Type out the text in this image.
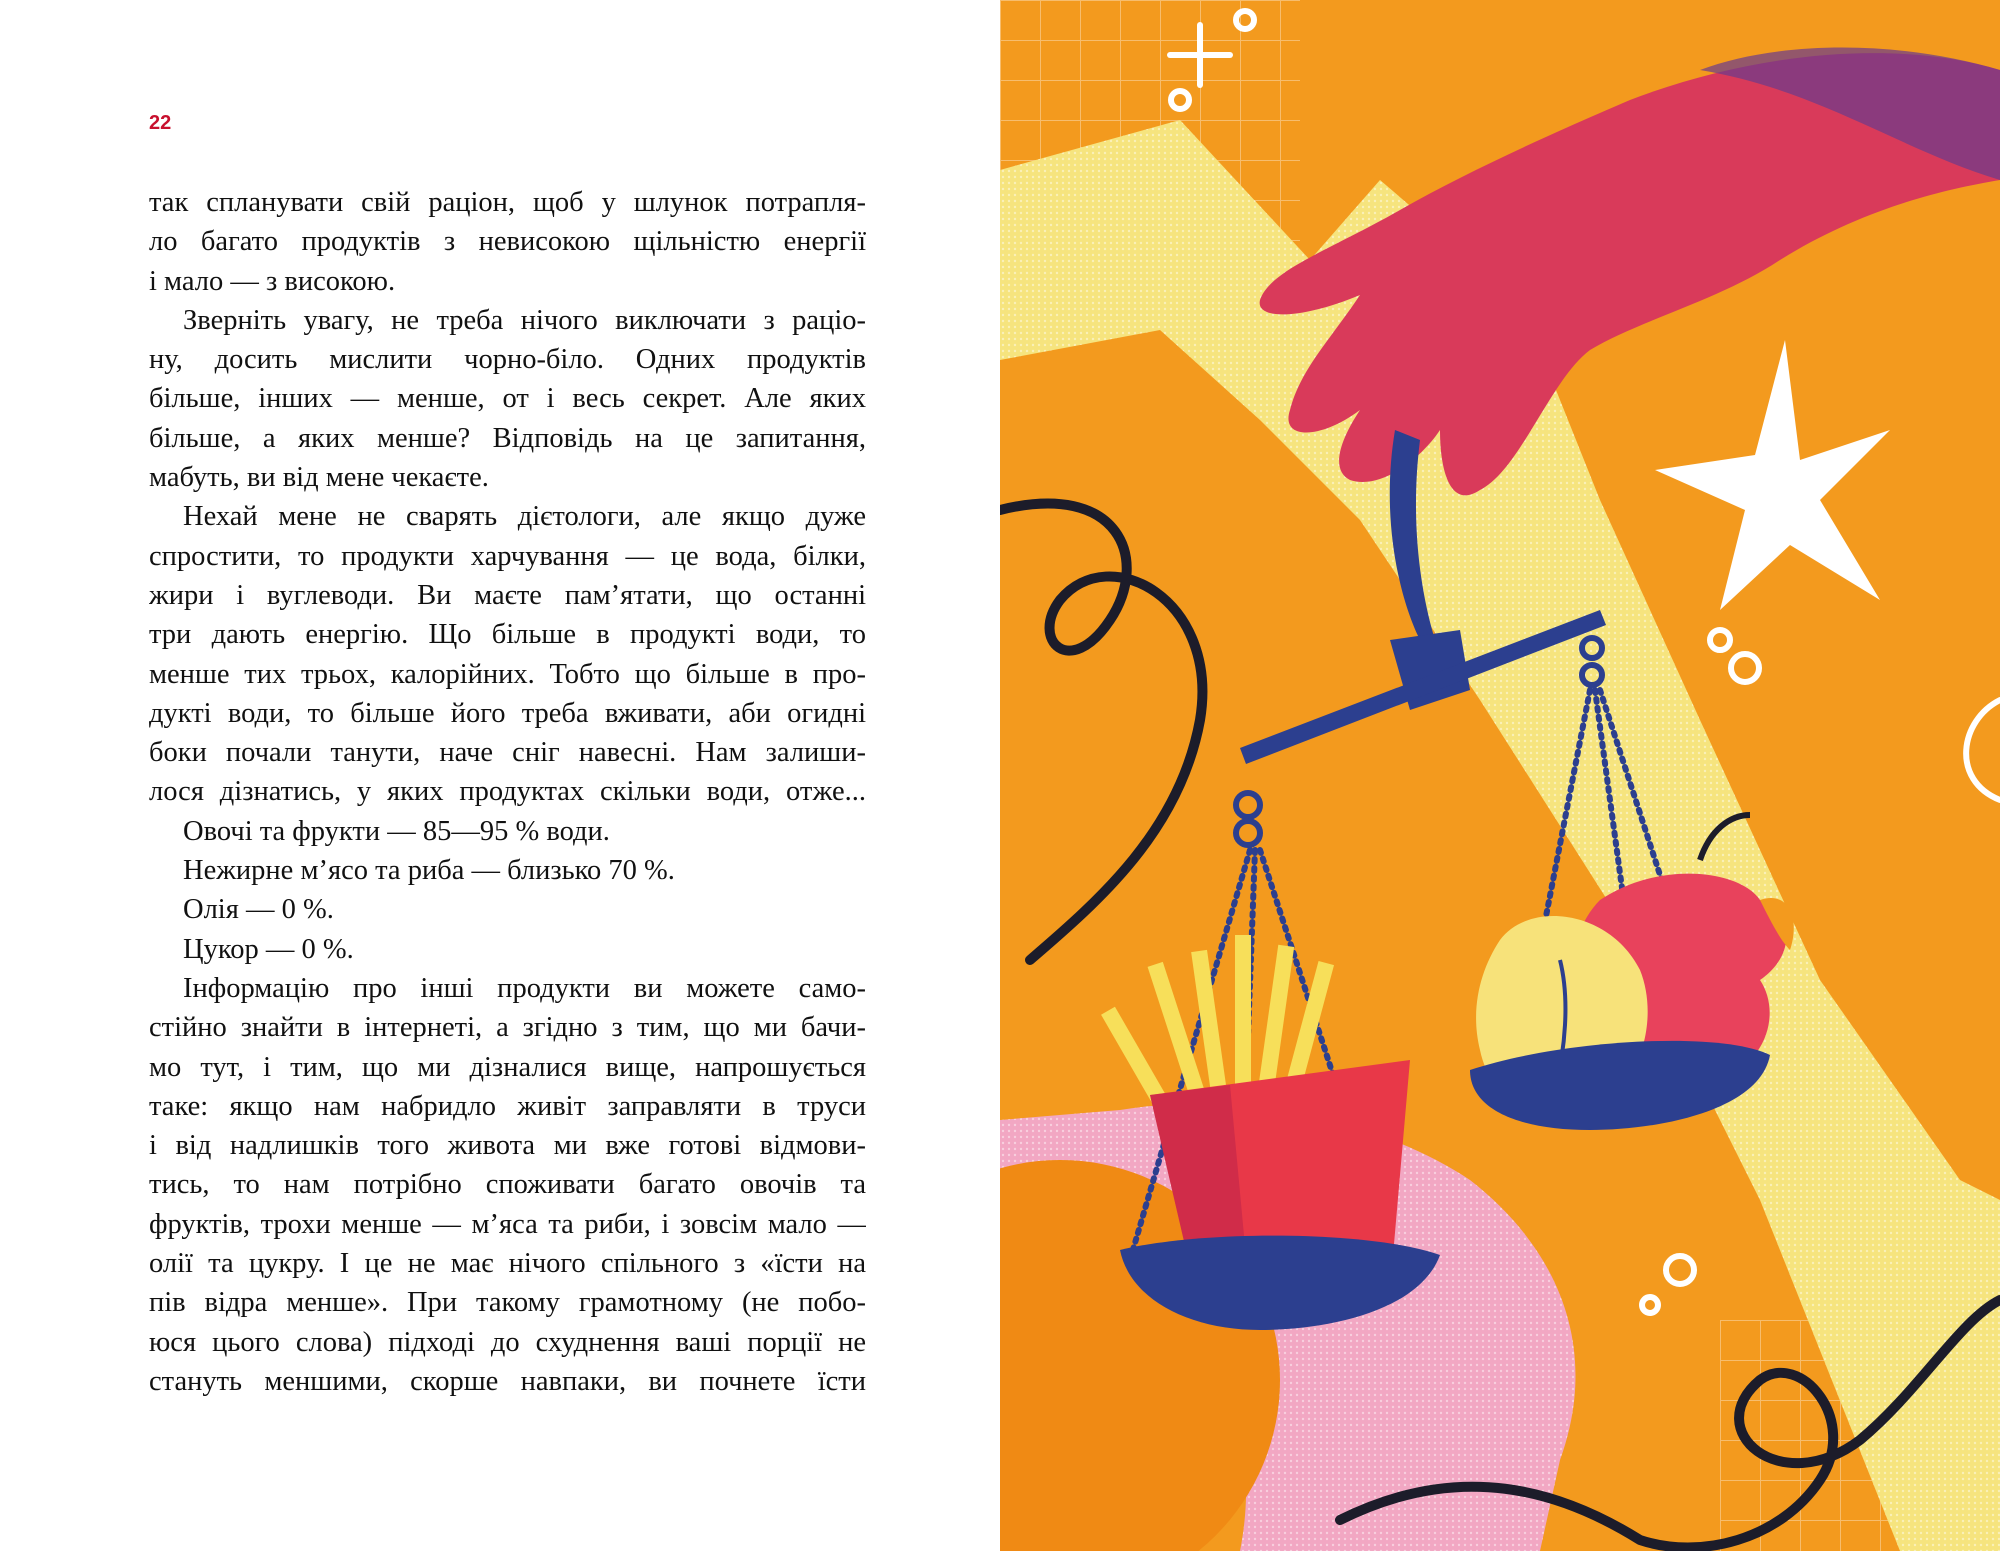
22
так спланувати свій раціон, щоб у шлунок потрапля-
ло багато продуктів з невисокою щільністю енергії
і мало — з високою.
Зверніть увагу, не треба нічого виключати з раціо-
ну, досить мислити чорно-біло. Одних продуктів
більше, інших — менше, от і весь секрет. Але яких
більше, а яких менше? Відповідь на це запитання,
мабуть, ви від мене чекаєте.
Нехай мене не сварять дієтологи, але якщо дуже
спростити, то продукти харчування — це вода, білки,
жири і вуглеводи. Ви маєте пам’ятати, що останні
три дають енергію. Що більше в продукті води, то
менше тих трьох, калорійних. Тобто що більше в про-
дукті води, то більше його треба вживати, аби огидні
боки почали танути, наче сніг навесні. Нам залиши-
лося дізнатись, у яких продуктах скільки води, отже...
Овочі та фрукти — 85—95 % води.
Нежирне м’ясо та риба — близько 70 %.
Олія — 0 %.
Цукор — 0 %.
Інформацію про інші продукти ви можете само-
стійно знайти в інтернеті, а згідно з тим, що ми бачи-
мо тут, і тим, що ми дізналися вище, напрошується
таке: якщо нам набридло живіт заправляти в труси
і від надлишків того живота ми вже готові відмови-
тись, то нам потрібно споживати багато овочів та
фруктів, трохи менше — м’яса та риби, і зовсім мало —
олії та цукру. І це не має нічого спільного з «їсти на
пів відра менше». При такому грамотному (не побо-
юся цього слова) підході до схуднення ваші порції не
стануть меншими, скорше навпаки, ви почнете їсти
